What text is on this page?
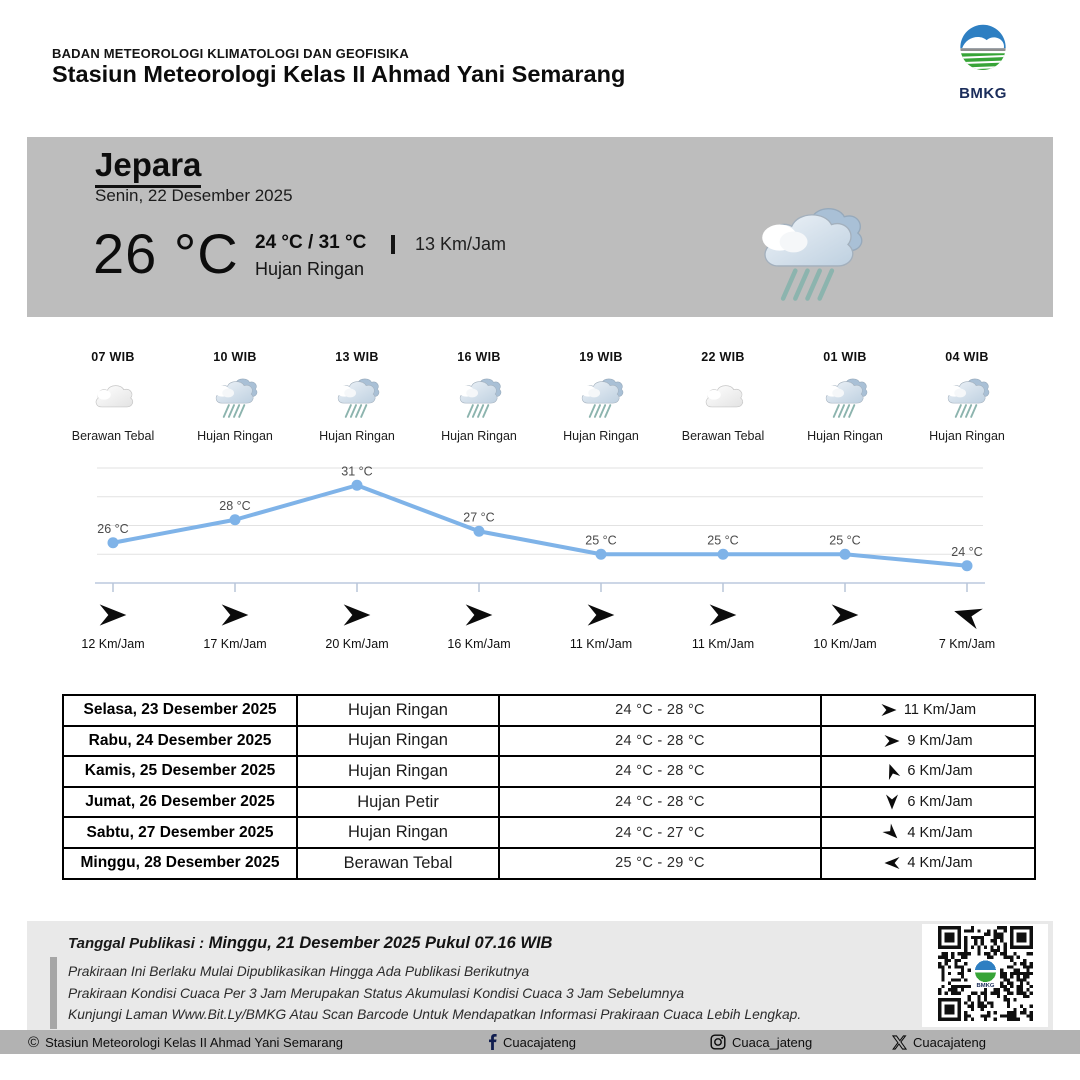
BADAN METEOROLOGI KLIMATOLOGI DAN GEOFISIKA
Stasiun Meteorologi Kelas II Ahmad Yani Semarang
BMKG
Jepara
Senin, 22 Desember 2025
26 °C 24 °C / 31 °C
Hujan Ringan
13 Km/Jam
07 WIB
Berawan Tebal
10 WIB
Hujan Ringan
13 WIB
Hujan Ringan
16 WIB
Hujan Ringan
19 WIB
Hujan Ringan
22 WIB
Berawan Tebal
01 WIB
Hujan Ringan
04 WIB
Hujan Ringan
26 °C
28 °C
31 °C
27 °C
25 °C	25 °C	25 °C
24 °C
12 Km/Jam	17 Km/Jam	20 Km/Jam	16 Km/Jam	11 Km/Jam	11 Km/Jam	10 Km/Jam	7 Km/Jam
Selasa, 23 Desember 2025	Hujan Ringan	24 °C - 28 °C	11 Km/Jam

Rabu, 24 Desember 2025	Hujan Ringan	24 °C - 28 °C	9 Km/Jam

Kamis, 25 Desember 2025	Hujan Ringan	24 °C - 28 °C	6 Km/Jam

Jumat, 26 Desember 2025	Hujan Petir	24 °C - 28 °C	6 Km/Jam

Sabtu, 27 Desember 2025	Hujan Ringan	24 °C - 27 °C	4 Km/Jam

Minggu, 28 Desember 2025	Berawan Tebal	25 °C - 29 °C	4 Km/Jam
Tanggal Publikasi : Minggu, 21 Desember 2025 Pukul 07.16 WIB
Prakiraan Ini Berlaku Mulai Dipublikasikan Hingga Ada Publikasi Berikutnya
Prakiraan Kondisi Cuaca Per 3 Jam Merupakan Status Akumulasi Kondisi Cuaca 3 Jam Sebelumnya
Kunjungi Laman Www.Bit.Ly/BMKG Atau Scan Barcode Untuk Mendapatkan Informasi Prakiraan Cuaca Lebih Lengkap.
BMKG
© Stasiun Meteorologi Kelas II Ahmad Yani Semarang	Cuacajateng	Cuaca_jateng	Cuacajateng
